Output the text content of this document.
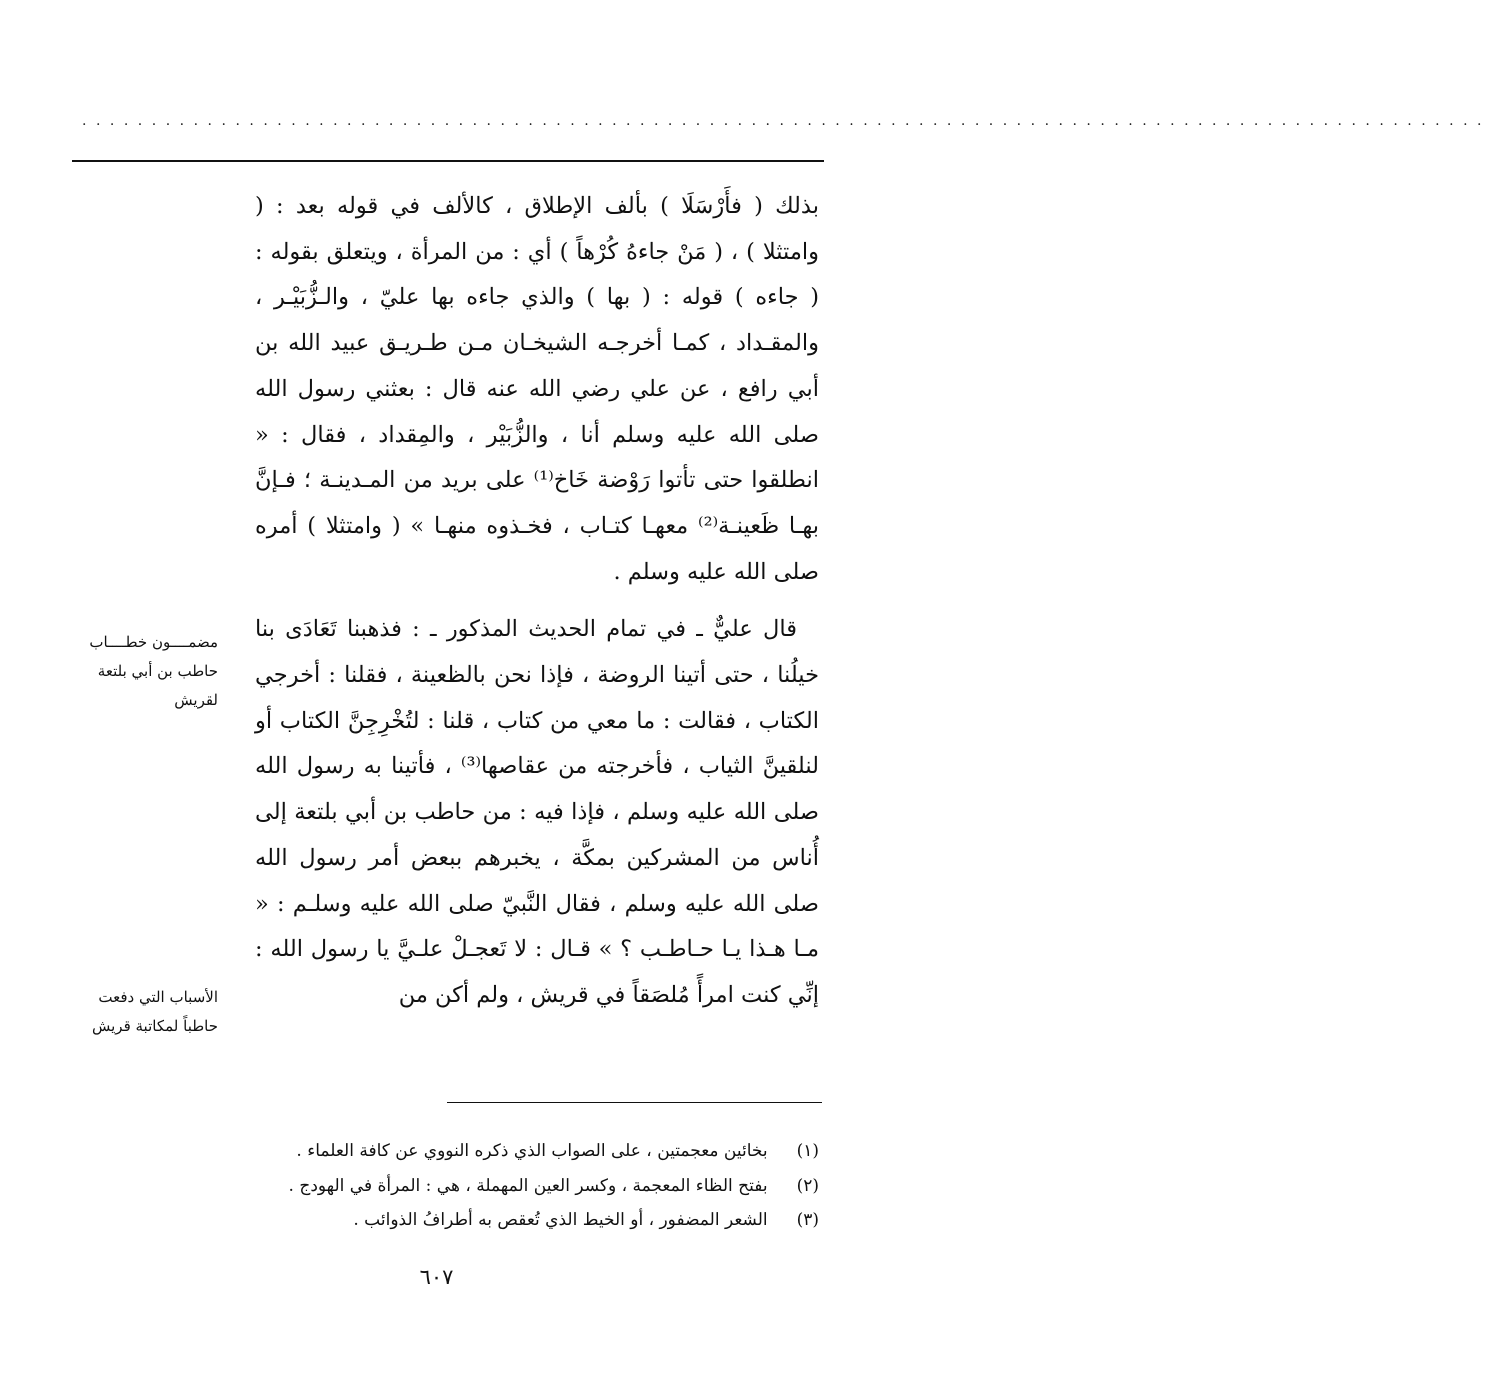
.....................................................................................................

بذلك ( فأَرْسَلَا ) بألف الإطلاق ، كالألف في قوله بعد : ( وامتثلا ) ، ( مَنْ جاءهُ كُرْهاً ) أي : من المرأة ، ويتعلق بقوله : ( جاءه ) قوله : ( بها ) والذي جاءه بها عليّ ، والـزُّبَيْـر ، والمقـداد ، كمـا أخرجـه الشيخـان مـن طـريـق عبيد الله بن أبي رافع ، عن علي رضي الله عنه قال : بعثني رسول الله صلى الله عليه وسلم أنا ، والزُّبَيْر ، والمِقداد ، فقال : « انطلقوا حتى تأتوا رَوْضة خَاخ⁽¹⁾ على بريد من المـدينـة ؛ فـإنَّ بهـا ظَعينـة⁽²⁾ معهـا كتـاب ، فخـذوه منهـا » ( وامتثلا ) أمره صلى الله عليه وسلم .

قال عليٌّ ـ في تمام الحديث المذكور ـ : فذهبنا تَعَادَى بنا خيلُنا ، حتى أتينا الروضة ، فإذا نحن بالظعينة ، فقلنا : أخرجي الكتاب ، فقالت : ما معي من كتاب ، قلنا : لتُخْرِجِنَّ الكتاب أو لنلقينَّ الثياب ، فأخرجته من عقاصها⁽³⁾ ، فأتينا به رسول الله صلى الله عليه وسلم ، فإذا فيه : من حاطب بن أبي بلتعة إلى أُناس من المشركين بمكَّة ، يخبرهم ببعض أمر رسول الله صلى الله عليه وسلم ، فقال النَّبيّ صلى الله عليه وسلـم : « مـا هـذا يـا حـاطـب ؟ » قـال : لا تَعجـلْ علـيَّ يا رسول الله : إنِّي كنت امرأً مُلصَقاً في قريش ، ولم أكن من

مضمــــون خطــــاب حاطب بن أبي بلتعة لقريش
الأسباب التي دفعت حاطباً لمكاتبة قريش
(١) بخائين معجمتين ، على الصواب الذي ذكره النووي عن كافة العلماء .
(٢) بفتح الظاء المعجمة ، وكسر العين المهملة ، هي : المرأة في الهودج .
(٣) الشعر المضفور ، أو الخيط الذي تُعقص به أطرافُ الذوائب .
٦٠٧
